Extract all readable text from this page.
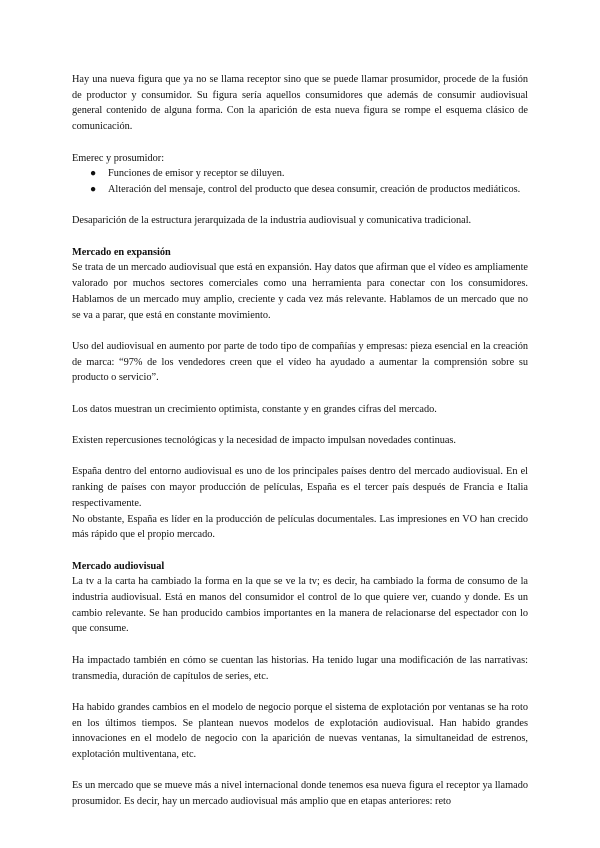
Hay una nueva figura que ya no se llama receptor sino que se puede llamar prosumidor, procede de la fusión de productor y consumidor. Su figura sería aquellos consumidores que además de consumir audiovisual general contenido de alguna forma. Con la aparición de esta nueva figura se rompe el esquema clásico de comunicación.

Emerec y prosumidor:

● Funciones de emisor y receptor se diluyen.
● Alteración del mensaje, control del producto que desea consumir, creación de productos mediáticos.

Desaparición de la estructura jerarquizada de la industria audiovisual y comunicativa tradicional.

Mercado en expansión

Se trata de un mercado audiovisual que está en expansión. Hay datos que afirman que el vídeo es ampliamente valorado por muchos sectores comerciales como una herramienta para conectar con los consumidores. Hablamos de un mercado muy amplio, creciente y cada vez más relevante. Hablamos de un mercado que no se va a parar, que está en constante movimiento.

Uso del audiovisual en aumento por parte de todo tipo de compañías y empresas: pieza esencial en la creación de marca: “97% de los vendedores creen que el vídeo ha ayudado a aumentar la comprensión sobre su producto o servicio”.

Los datos muestran un crecimiento optimista, constante y en grandes cifras del mercado.

Existen repercusiones tecnológicas y la necesidad de impacto impulsan novedades continuas.

España dentro del entorno audiovisual es uno de los principales países dentro del mercado audiovisual. En el ranking de países con mayor producción de películas, España es el tercer país después de Francia e Italia respectivamente.

No obstante, España es líder en la producción de películas documentales. Las impresiones en VO han crecido más rápido que el propio mercado.

Mercado audiovisual

La tv a la carta ha cambiado la forma en la que se ve la tv; es decir, ha cambiado la forma de consumo de la industria audiovisual. Está en manos del consumidor el control de lo que quiere ver, cuando y donde. Es un cambio relevante. Se han producido cambios importantes en la manera de relacionarse del espectador con lo que consume.

Ha impactado también en cómo se cuentan las historias. Ha tenido lugar una modificación de las narrativas: transmedia, duración de capítulos de series, etc.

Ha habido grandes cambios en el modelo de negocio porque el sistema de explotación por ventanas se ha roto en los últimos tiempos. Se plantean nuevos modelos de explotación audiovisual. Han habido grandes innovaciones en el modelo de negocio con la aparición de nuevas ventanas, la simultaneidad de estrenos, explotación multiventana, etc.

Es un mercado que se mueve más a nivel internacional donde tenemos esa nueva figura el receptor ya llamado prosumidor. Es decir, hay un mercado audiovisual más amplio que en etapas anteriores: reto
